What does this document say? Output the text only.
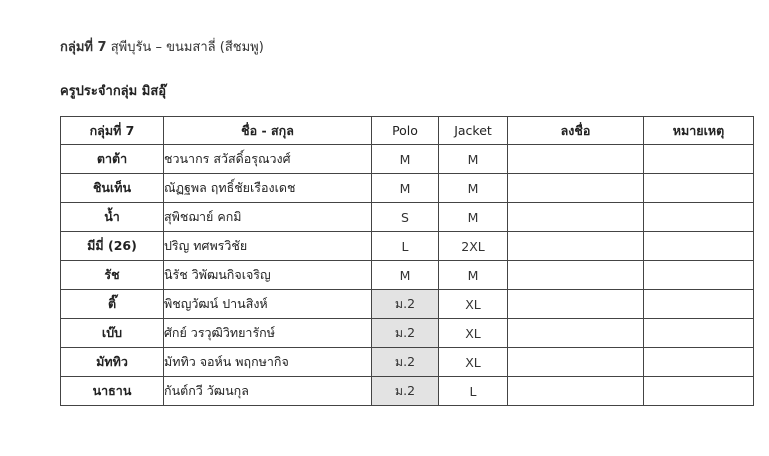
กลุ่มที่ 7 สุพีบุรัน – ขนมสาลี่ (สีชมพู)
ครูประจำกลุ่ม มิสอุ๊
กลุ่มที่ 7	ชื่อ - สกุล	Polo	Jacket	ลงชื่อ	หมายเหตุ
ตาต้า	ชวนากร สวัสดิ์อรุณวงศ์	M	M		
ชินเท็น	ณัฏฐพล ฤทธิ์ชัยเรืองเดช	M	M		
น้ำ	สุพิชฌาย์ คกมิ	S	M		
มีมี่ (26)	ปริญ ทศพรวิชัย	L	2XL		
รัช	นิรัช วิพัฒนกิจเจริญ	M	M		
ติ๊	พิชญวัฒน์ ปานสิงห์	ม.2	XL		
เบ๊บ	ศักย์ วรวุฒิวิทยารักษ์	ม.2	XL		
มัททิว	มัททิว จอห์น พฤกษากิจ	ม.2	XL		
นาธาน	กันต์กวี วัฒนกุล	ม.2	L		
